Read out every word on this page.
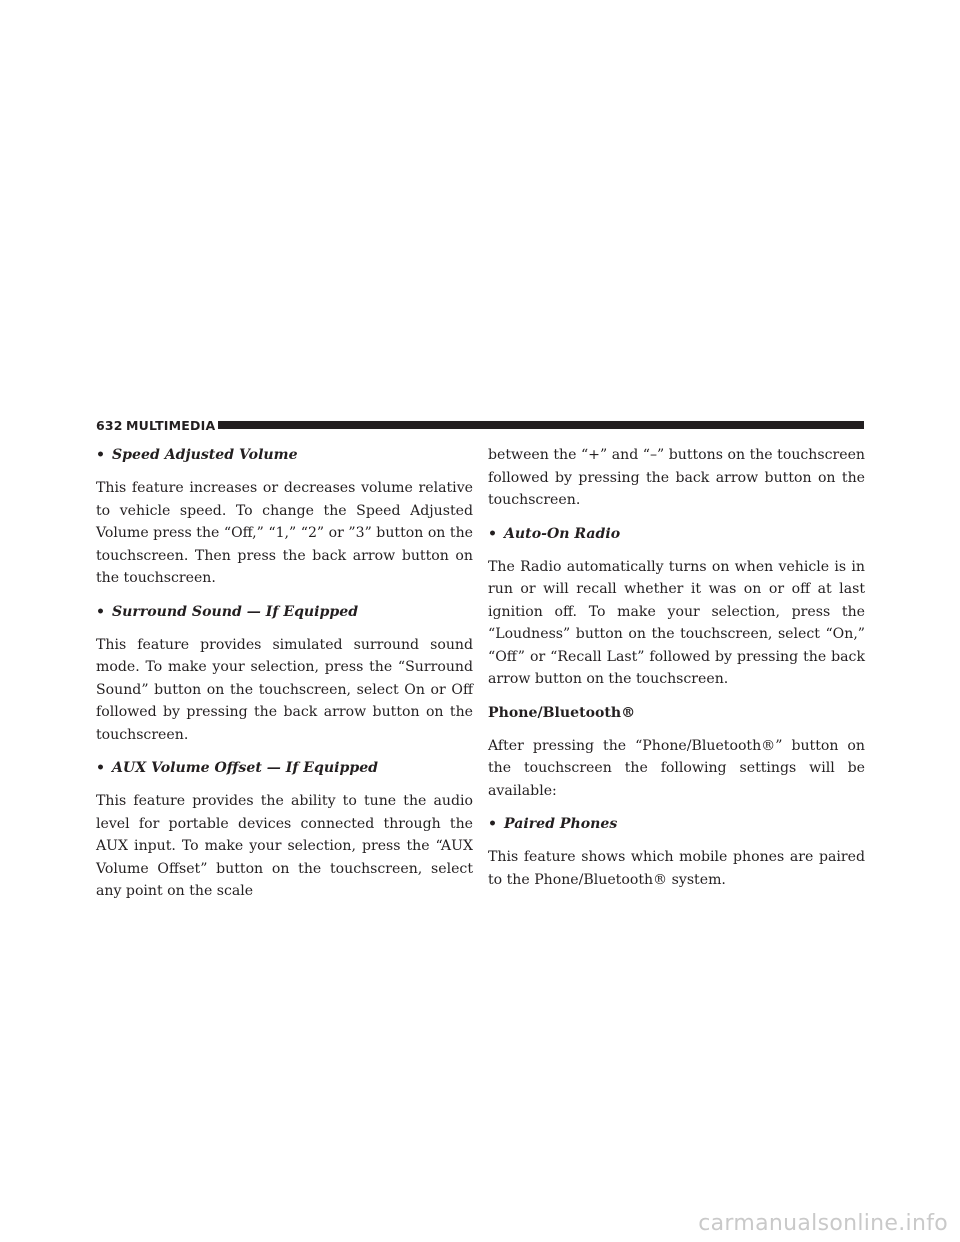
632 MULTIMEDIA
• Speed Adjusted Volume

This feature increases or decreases volume relative to vehicle speed. To change the Speed Adjusted Volume press the “Off,” “1,” “2” or ”3” button on the touchscreen. Then press the back arrow button on the touchscreen.

• Surround Sound — If Equipped

This feature provides simulated surround sound mode. To make your selection, press the “Surround Sound” button on the touchscreen, select On or Off followed by pressing the back arrow button on the touchscreen.

• AUX Volume Offset — If Equipped

This feature provides the ability to tune the audio level for portable devices connected through the AUX input. To make your selection, press the “AUX Volume Offset” button on the touchscreen, select any point on the scale

between the “+” and “–” buttons on the touchscreen followed by pressing the back arrow button on the touchscreen.

• Auto-On Radio

The Radio automatically turns on when vehicle is in run or will recall whether it was on or off at last ignition off. To make your selection, press the “Loudness” button on the touchscreen, select “On,” “Off” or “Recall Last” followed by pressing the back arrow button on the touchscreen.

Phone/Bluetooth®

After pressing the “Phone/Bluetooth®” button on the touchscreen the following settings will be available:

• Paired Phones

This feature shows which mobile phones are paired to the Phone/Bluetooth® system.

carmanualsonline.info
